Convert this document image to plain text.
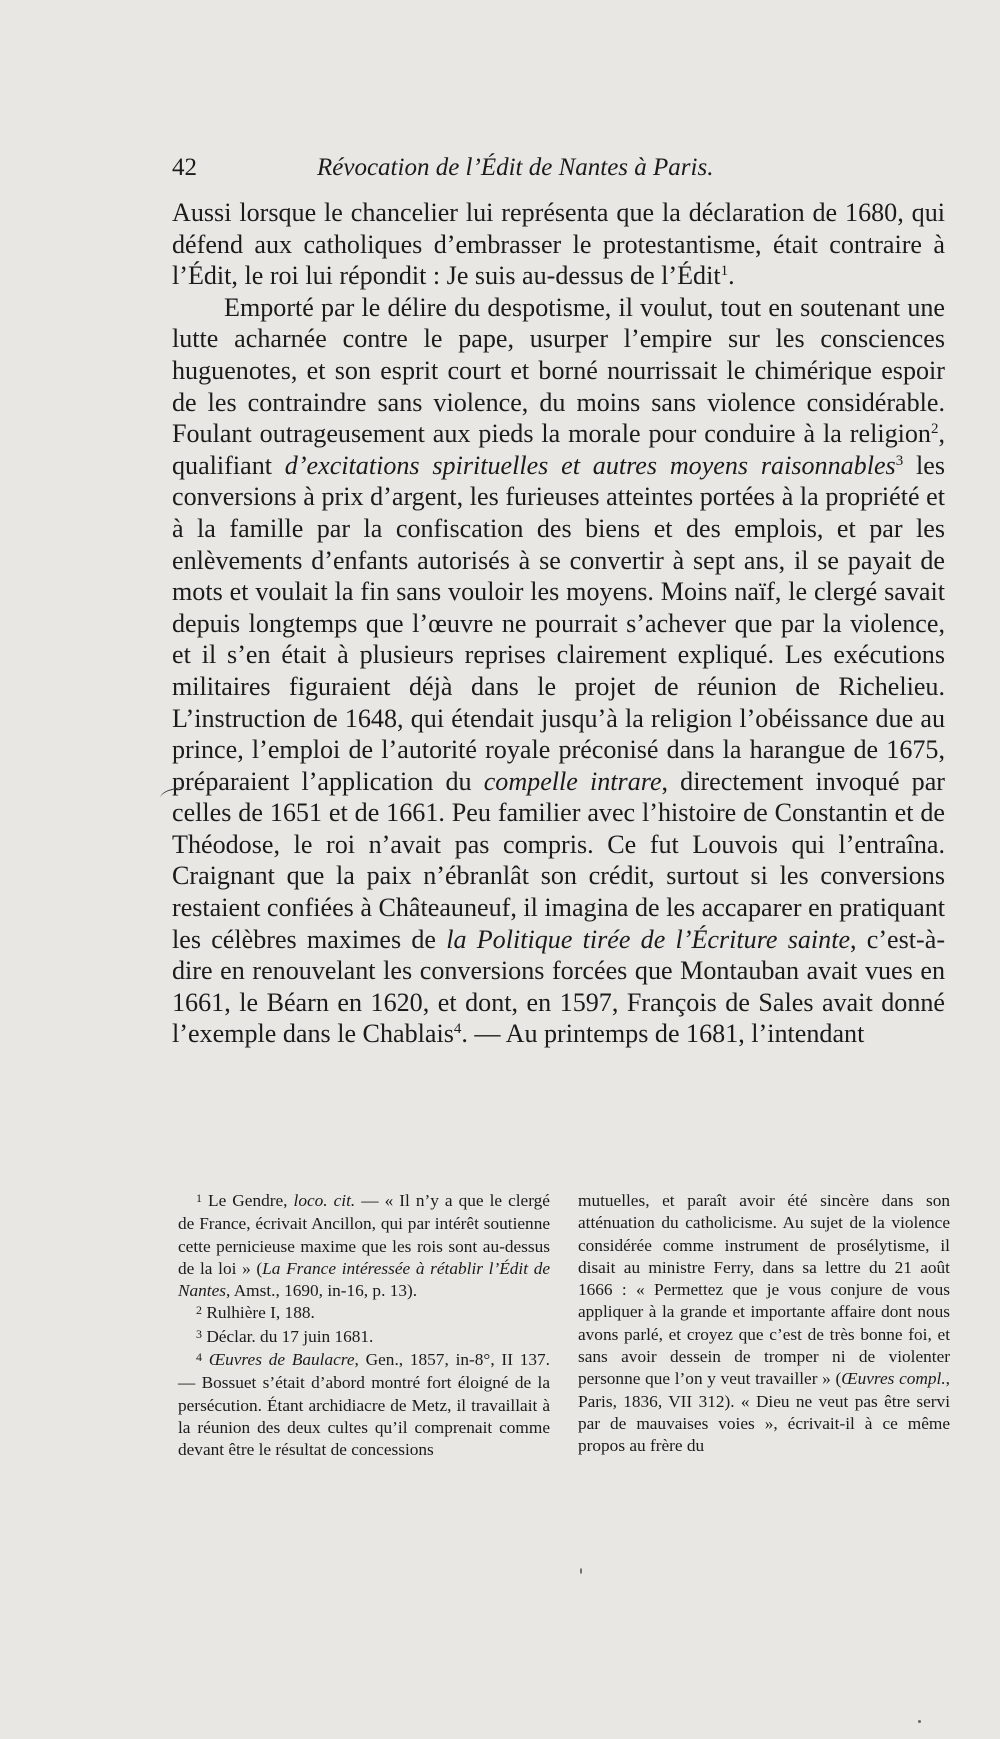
42	Révocation de l’Édit de Nantes à Paris.

Aussi lorsque le chancelier lui représenta que la déclaration de 1680, qui défend aux catholiques d’embrasser le protestantisme, était contraire à l’Édit, le roi lui répondit : Je suis au-dessus de l’Édit$^1$.

Emporté par le délire du despotisme, il voulut, tout en soutenant une lutte acharnée contre le pape, usurper l’empire sur les consciences huguenotes, et son esprit court et borné nourrissait le chimérique espoir de les contraindre sans violence, du moins sans violence considérable. Foulant outrageusement aux pieds la morale pour conduire à la religion$^2$, qualifiant d’excitations spirituelles et autres moyens raisonnables$^3$ les conversions à prix d’argent, les furieuses atteintes portées à la propriété et à la famille par la confiscation des biens et des emplois, et par les enlèvements d’enfants autorisés à se convertir à sept ans, il se payait de mots et voulait la fin sans vouloir les moyens. Moins naïf, le clergé savait depuis longtemps que l’œuvre ne pourrait s’achever que par la violence, et il s’en était à plusieurs reprises clairement expliqué. Les exécutions militaires figuraient déjà dans le projet de réunion de Richelieu. L’instruction de 1648, qui étendait jusqu’à la religion l’obéissance due au prince, l’emploi de l’autorité royale préconisé dans la harangue de 1675, préparaient l’application du compelle intrare, directement invoqué par celles de 1651 et de 1661. Peu familier avec l’histoire de Constantin et de Théodose, le roi n’avait pas compris. Ce fut Louvois qui l’entraîna. Craignant que la paix n’ébranlât son crédit, surtout si les conversions restaient confiées à Châteauneuf, il imagina de les accaparer en pratiquant les célèbres maximes de la Politique tirée de l’Écriture sainte, c’est-à-dire en renouvelant les conversions forcées que Montauban avait vues en 1661, le Béarn en 1620, et dont, en 1597, François de Sales avait donné l’exemple dans le Chablais$^4$. — Au printemps de 1681, l’intendant

$^1$ Le Gendre, loco. cit. — « Il n’y a que le clergé de France, écrivait Ancillon, qui par intérêt soutienne cette pernicieuse maxime que les rois sont au-dessus de la loi » (La France intéressée à rétablir l’Édit de Nantes, Amst., 1690, in-16, p. 13).

$^2$ Rulhière I, 188.

$^3$ Déclar. du 17 juin 1681.

$^4$ Œuvres de Baulacre, Gen., 1857, in-8°, II 137. — Bossuet s’était d’abord montré fort éloigné de la persécution. Étant archidiacre de Metz, il travaillait à la réunion des deux cultes qu’il comprenait comme devant être le résultat de concessions

mutuelles, et paraît avoir été sincère dans son atténuation du catholicisme. Au sujet de la violence considérée comme instrument de prosélytisme, il disait au ministre Ferry, dans sa lettre du 21 août 1666 : « Permettez que je vous conjure de vous appliquer à la grande et importante affaire dont nous avons parlé, et croyez que c’est de très bonne foi, et sans avoir dessein de tromper ni de violenter personne que l’on y veut travailler » (Œuvres compl., Paris, 1836, VII 312). « Dieu ne veut pas être servi par de mauvaises voies », écrivait-il à ce même propos au frère du
